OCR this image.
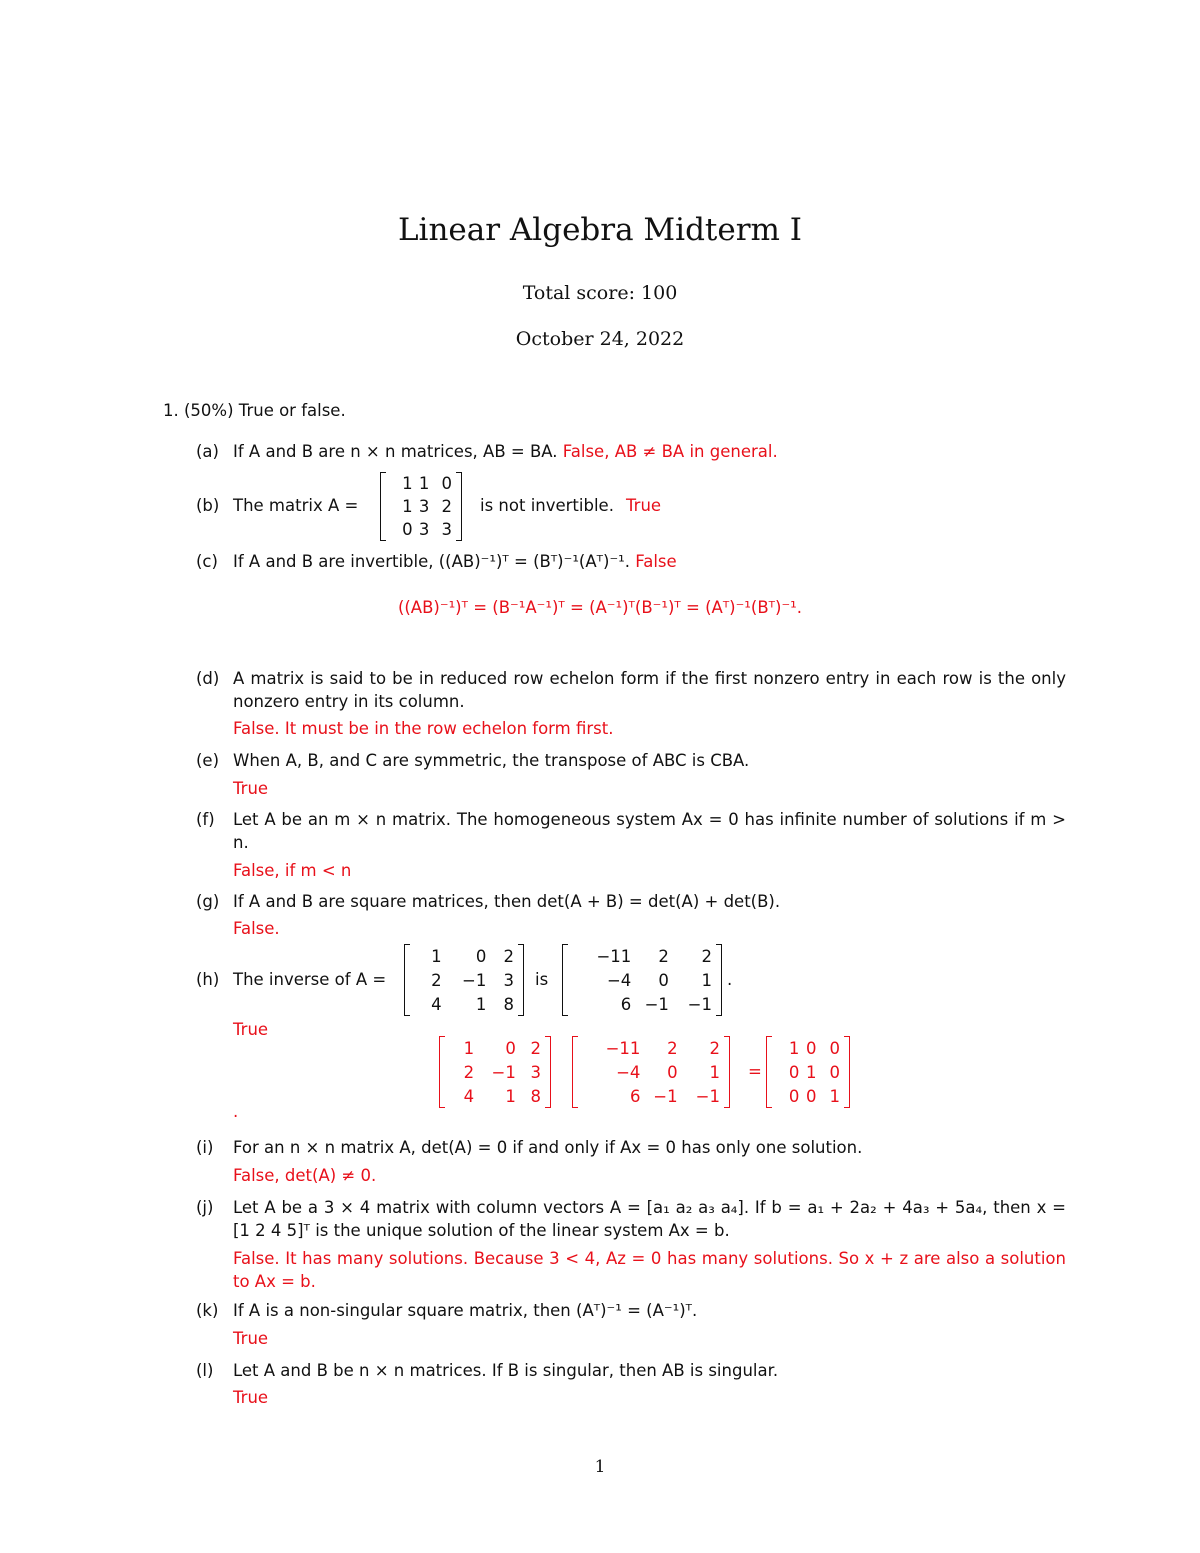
Linear Algebra Midterm I
Total score: 100
October 24, 2022
1. (50%) True or false.
(a) If A and B are n × n matrices, AB = BA. False, AB ≠ BA in general.
(b) The matrix A =
1	1	0
1	3	2
0	3	3
is not invertible. True
(c) If A and B are invertible, ((AB)⁻¹)ᵀ = (Bᵀ)⁻¹(Aᵀ)⁻¹. False
((AB)⁻¹)ᵀ = (B⁻¹A⁻¹)ᵀ = (A⁻¹)ᵀ(B⁻¹)ᵀ = (Aᵀ)⁻¹(Bᵀ)⁻¹.
(d) A matrix is said to be in reduced row echelon form if the first nonzero entry in each row is the only nonzero entry in its column.
False. It must be in the row echelon form first.
(e) When A, B, and C are symmetric, the transpose of ABC is CBA.
True
(f) Let A be an m × n matrix. The homogeneous system Ax = 0 has infinite number of solutions if m > n.
False, if m < n
(g) If A and B are square matrices, then det(A + B) = det(A) + det(B).
False.
(h) The inverse of A =
1	0	2
2	−1	3
4	1	8
is
−11	2	2
−4	0	1
6	−1	−1
.
True
1	0	2
2	−1	3
4	1	8
−11	2	2
−4	0	1
6	−1	−1
=
1	0	0
0	1	0
0	0	1
.
(i) For an n × n matrix A, det(A) = 0 if and only if Ax = 0 has only one solution.
False, det(A) ≠ 0.
(j) Let A be a 3 × 4 matrix with column vectors A = [a₁ a₂ a₃ a₄]. If b = a₁ + 2a₂ + 4a₃ + 5a₄, then x = [1 2 4 5]ᵀ is the unique solution of the linear system Ax = b.
False. It has many solutions. Because 3 < 4, Az = 0 has many solutions. So x + z are also a solution to Ax = b.
(k) If A is a non-singular square matrix, then (Aᵀ)⁻¹ = (A⁻¹)ᵀ.
True
(l) Let A and B be n × n matrices. If B is singular, then AB is singular.
True
1
